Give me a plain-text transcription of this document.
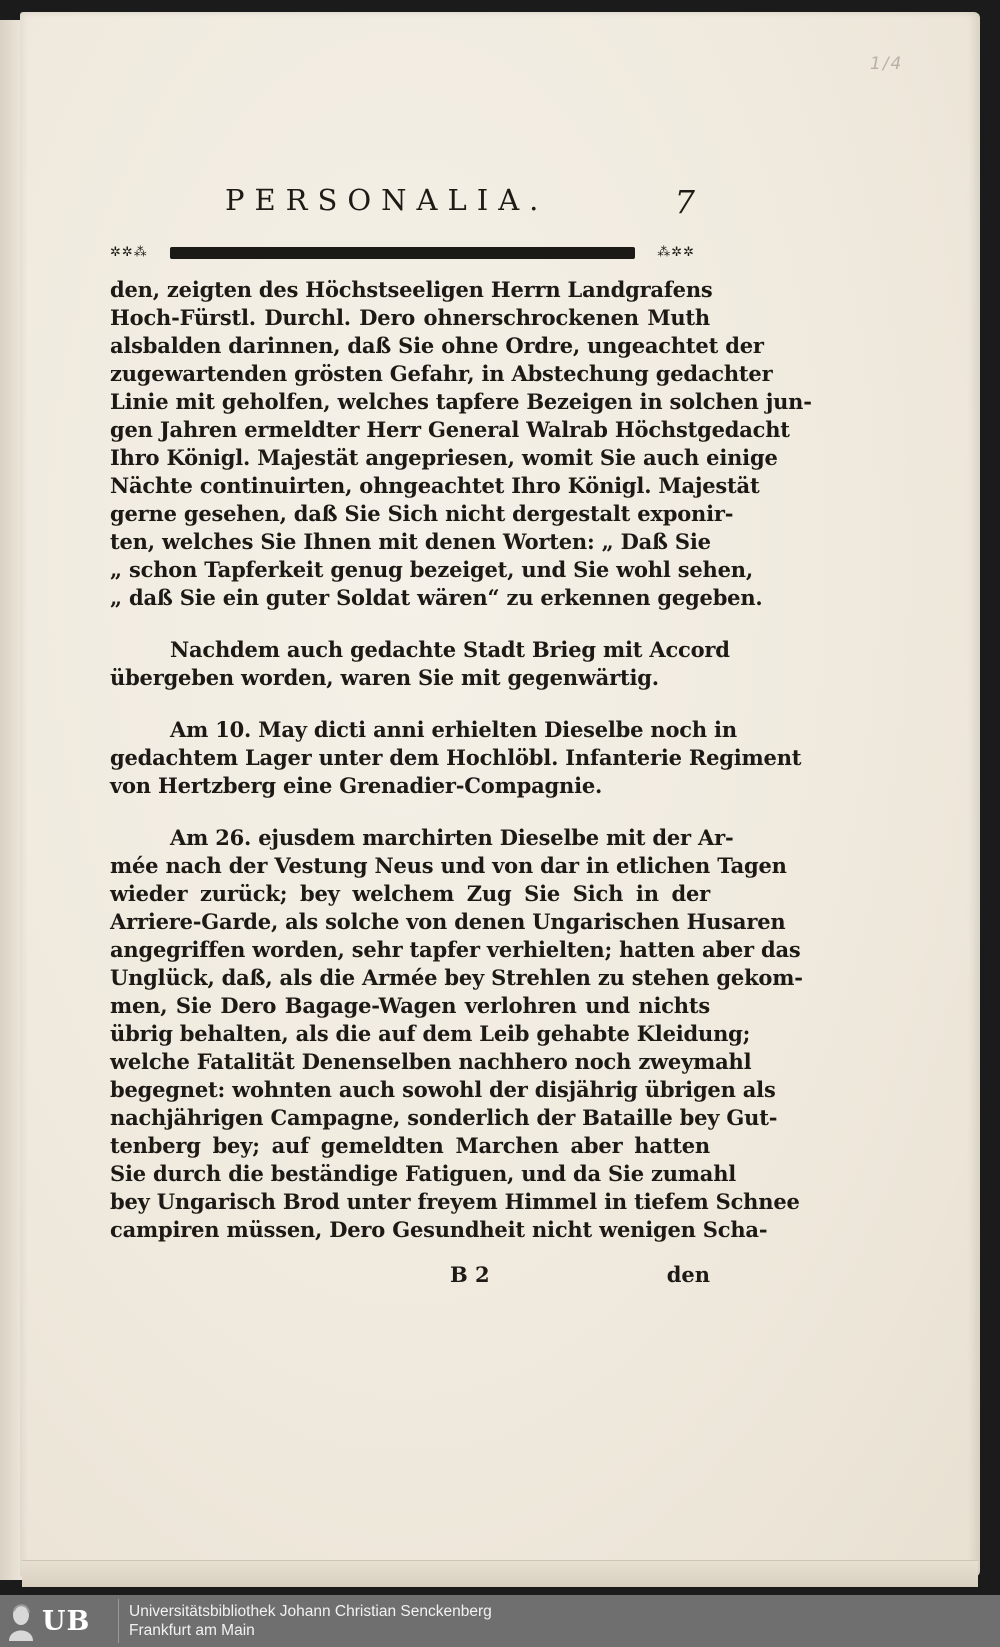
1/4
PERSONALIA.	7
✲✲⁂	⁂✲✲
den, zeigten des Höchstseeligen Herrn Landgrafens
Hoch-Fürstl. Durchl. Dero ohnerschrockenen Muth
alsbalden darinnen, daß Sie ohne Ordre, ungeachtet der
zugewartenden grösten Gefahr, in Abstechung gedachter
Linie mit geholfen, welches tapfere Bezeigen in solchen jun-
gen Jahren ermeldter Herr General Walrab Höchstgedacht
Ihro Königl. Majestät angepriesen, womit Sie auch einige
Nächte continuirten, ohngeachtet Ihro Königl. Majestät
gerne gesehen, daß Sie Sich nicht dergestalt exponir-
ten, welches Sie Ihnen mit denen Worten: „ Daß Sie
„ schon Tapferkeit genug bezeiget, und Sie wohl sehen,
„ daß Sie ein guter Soldat wären“ zu erkennen gegeben.
Nachdem auch gedachte Stadt Brieg mit Accord
übergeben worden, waren Sie mit gegenwärtig.
Am 10. May dicti anni erhielten Dieselbe noch in
gedachtem Lager unter dem Hochlöbl. Infanterie Regiment
von Hertzberg eine Grenadier-Compagnie.
Am 26. ejusdem marchirten Dieselbe mit der Ar-
mée nach der Vestung Neus und von dar in etlichen Tagen
wieder zurück; bey welchem Zug Sie Sich in der
Arriere-Garde, als solche von denen Ungarischen Husaren
angegriffen worden, sehr tapfer verhielten; hatten aber das
Unglück, daß, als die Armée bey Strehlen zu stehen gekom-
men, Sie Dero Bagage-Wagen verlohren und nichts
übrig behalten, als die auf dem Leib gehabte Kleidung;
welche Fatalität Denenselben nachhero noch zweymahl
begegnet: wohnten auch sowohl der disjährig übrigen als
nachjährigen Campagne, sonderlich der Bataille bey Gut-
tenberg bey; auf gemeldten Marchen aber hatten
Sie durch die beständige Fatiguen, und da Sie zumahl
bey Ungarisch Brod unter freyem Himmel in tiefem Schnee
campiren müssen, Dero Gesundheit nicht wenigen Scha-
B 2	den
UB Universitätsbibliothek Johann Christian Senckenberg
Frankfurt am Main
